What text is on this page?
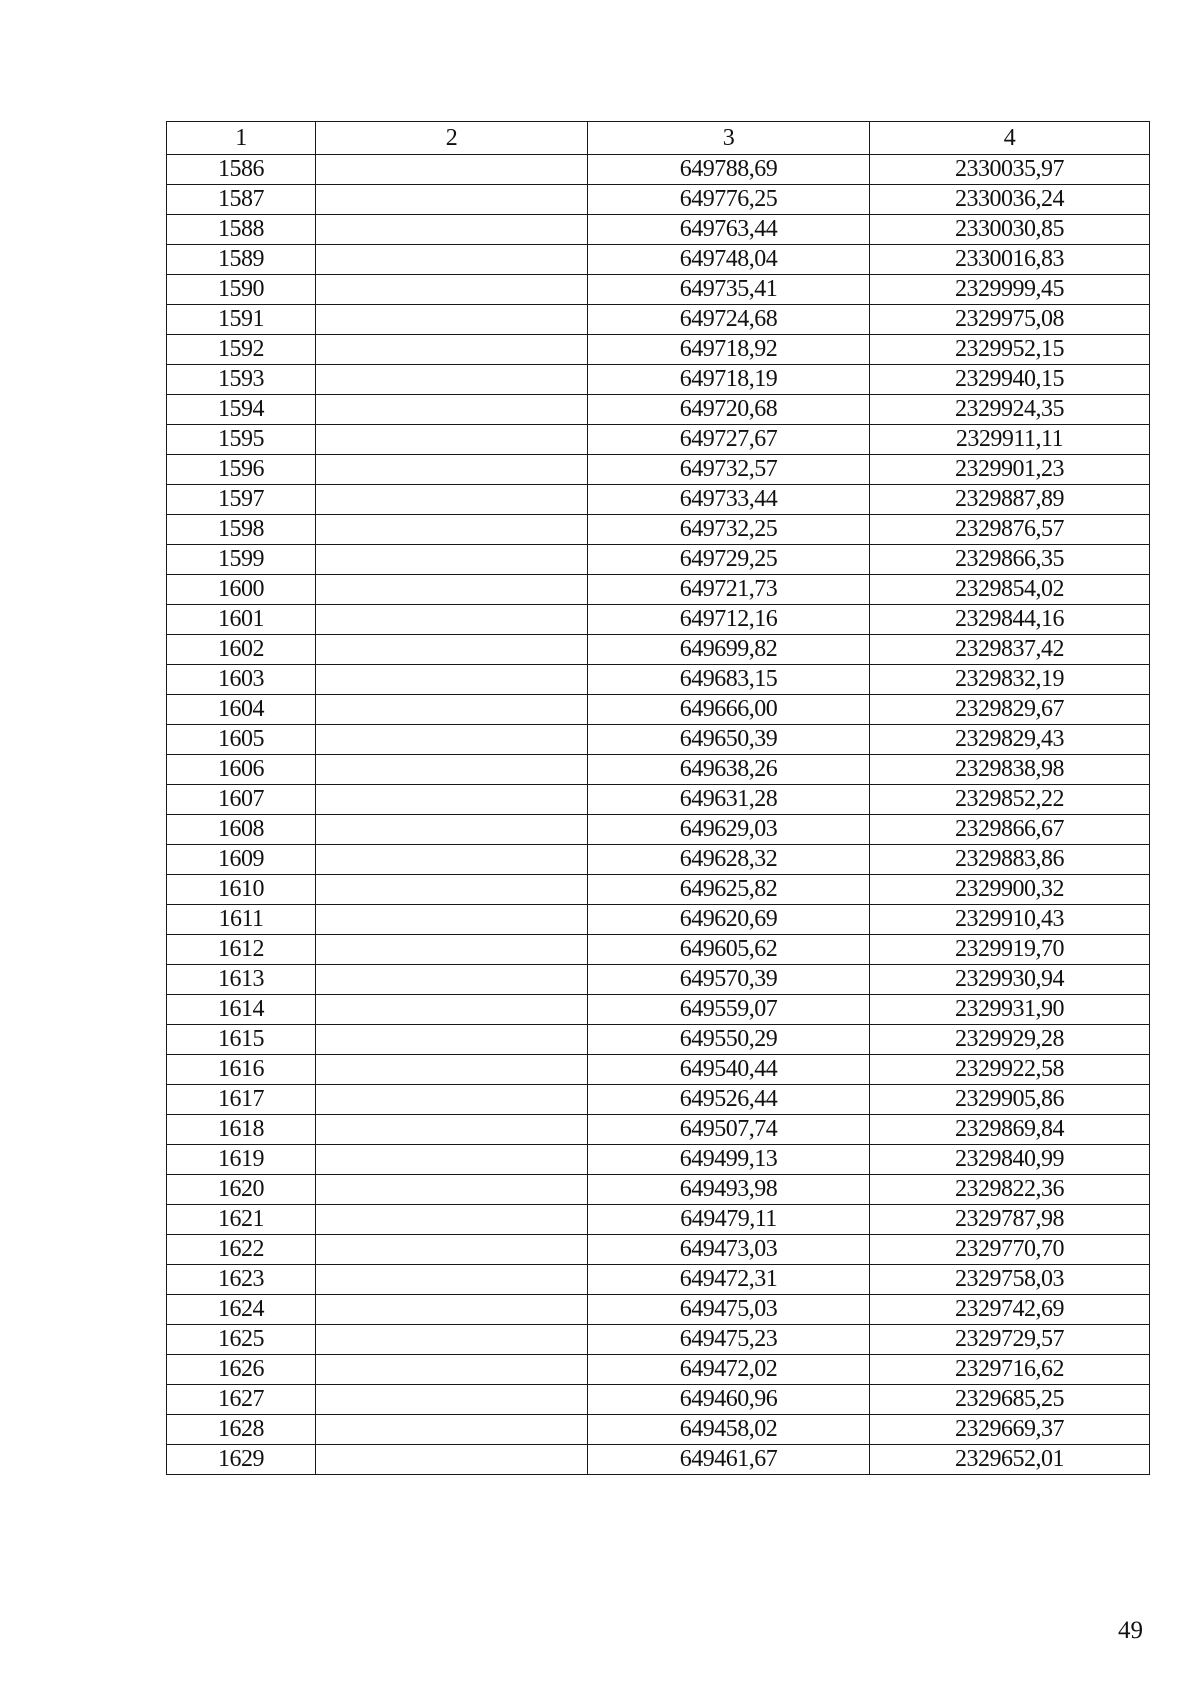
1	2	3	4
1586		649788,69	2330035,97
1587		649776,25	2330036,24
1588		649763,44	2330030,85
1589		649748,04	2330016,83
1590		649735,41	2329999,45
1591		649724,68	2329975,08
1592		649718,92	2329952,15
1593		649718,19	2329940,15
1594		649720,68	2329924,35
1595		649727,67	2329911,11
1596		649732,57	2329901,23
1597		649733,44	2329887,89
1598		649732,25	2329876,57
1599		649729,25	2329866,35
1600		649721,73	2329854,02
1601		649712,16	2329844,16
1602		649699,82	2329837,42
1603		649683,15	2329832,19
1604		649666,00	2329829,67
1605		649650,39	2329829,43
1606		649638,26	2329838,98
1607		649631,28	2329852,22
1608		649629,03	2329866,67
1609		649628,32	2329883,86
1610		649625,82	2329900,32
1611		649620,69	2329910,43
1612		649605,62	2329919,70
1613		649570,39	2329930,94
1614		649559,07	2329931,90
1615		649550,29	2329929,28
1616		649540,44	2329922,58
1617		649526,44	2329905,86
1618		649507,74	2329869,84
1619		649499,13	2329840,99
1620		649493,98	2329822,36
1621		649479,11	2329787,98
1622		649473,03	2329770,70
1623		649472,31	2329758,03
1624		649475,03	2329742,69
1625		649475,23	2329729,57
1626		649472,02	2329716,62
1627		649460,96	2329685,25
1628		649458,02	2329669,37
1629		649461,67	2329652,01
49
